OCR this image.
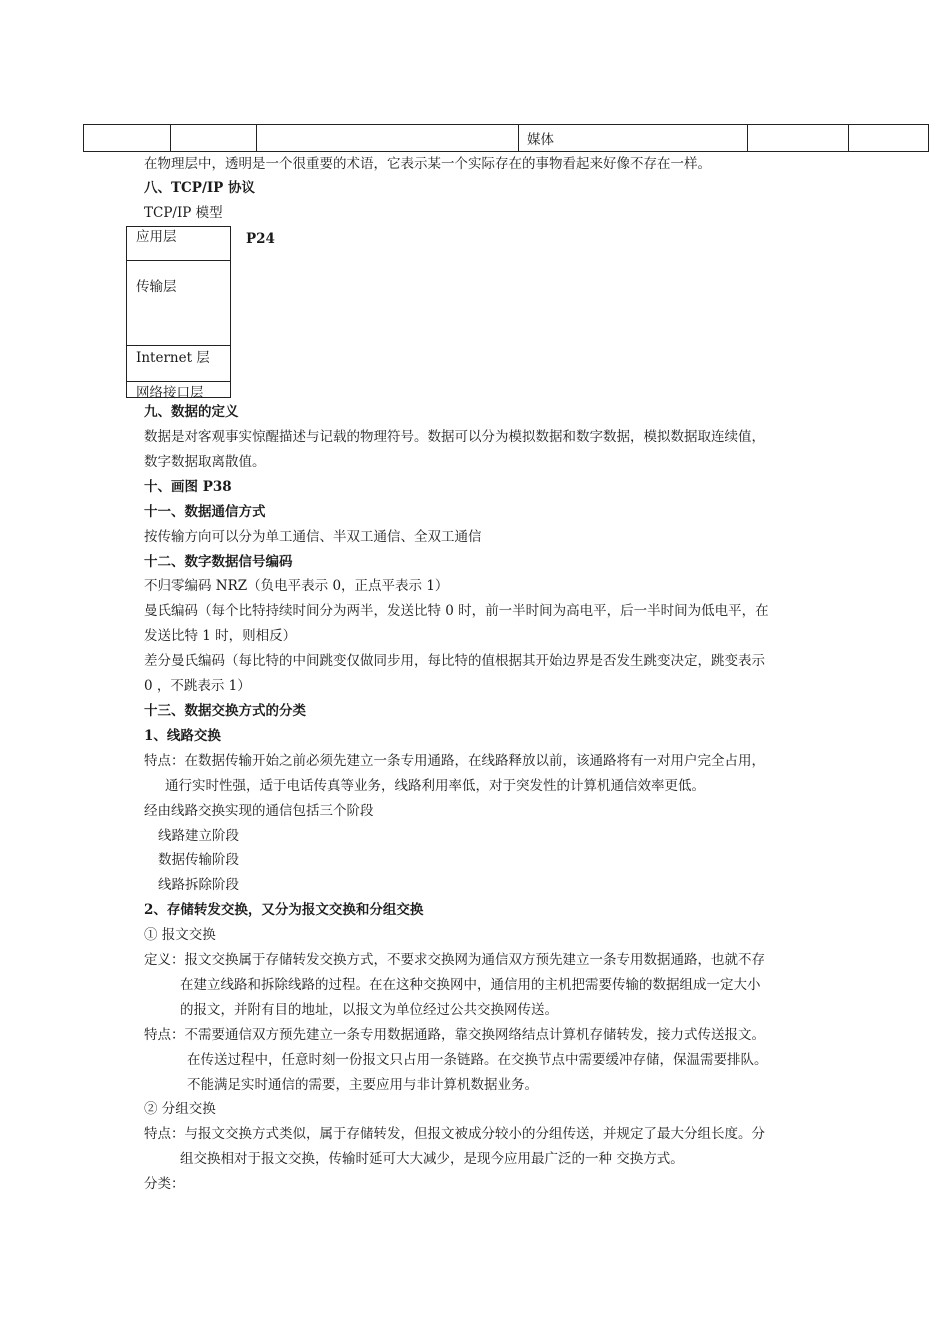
			媒体		
在物理层中，透明是一个很重要的术语，它表示某一个实际存在的事物看起来好像不存在一样。
八、TCP/IP 协议
TCP/IP 模型
应用层
传输层
Internet 层
网络接口层
P24
九、数据的定义
数据是对客观事实惊醒描述与记载的物理符号。数据可以分为模拟数据和数字数据，模拟数据取连续值，
数字数据取离散值。
十、画图 P38
十一、数据通信方式
按传输方向可以分为单工通信、半双工通信、全双工通信
十二、数字数据信号编码
不归零编码 NRZ（负电平表示 0，正点平表示 1）
曼氏编码（每个比特持续时间分为两半，发送比特 0 时，前一半时间为高电平，后一半时间为低电平，在
发送比特 1 时，则相反）
差分曼氏编码（每比特的中间跳变仅做同步用，每比特的值根据其开始边界是否发生跳变决定，跳变表示
0 ，不跳表示 1）
十三、数据交换方式的分类
1、线路交换
特点：在数据传输开始之前必须先建立一条专用通路，在线路释放以前，该通路将有一对用户完全占用，
通行实时性强，适于电话传真等业务，线路利用率低，对于突发性的计算机通信效率更低。
经由线路交换实现的通信包括三个阶段
线路建立阶段
数据传输阶段
线路拆除阶段
2、存储转发交换，又分为报文交换和分组交换
① 报文交换
定义：报文交换属于存储转发交换方式，不要求交换网为通信双方预先建立一条专用数据通路，也就不存
在建立线路和拆除线路的过程。在在这种交换网中，通信用的主机把需要传输的数据组成一定大小
的报文，并附有目的地址，以报文为单位经过公共交换网传送。
特点：不需要通信双方预先建立一条专用数据通路，靠交换网络结点计算机存储转发，接力式传送报文。
在传送过程中，任意时刻一份报文只占用一条链路。在交换节点中需要缓冲存储，保温需要排队。
不能满足实时通信的需要，主要应用与非计算机数据业务。
② 分组交换
特点：与报文交换方式类似，属于存储转发，但报文被成分较小的分组传送，并规定了最大分组长度。分
组交换相对于报文交换，传输时延可大大减少，是现今应用最广泛的一种 交换方式。
分类：
